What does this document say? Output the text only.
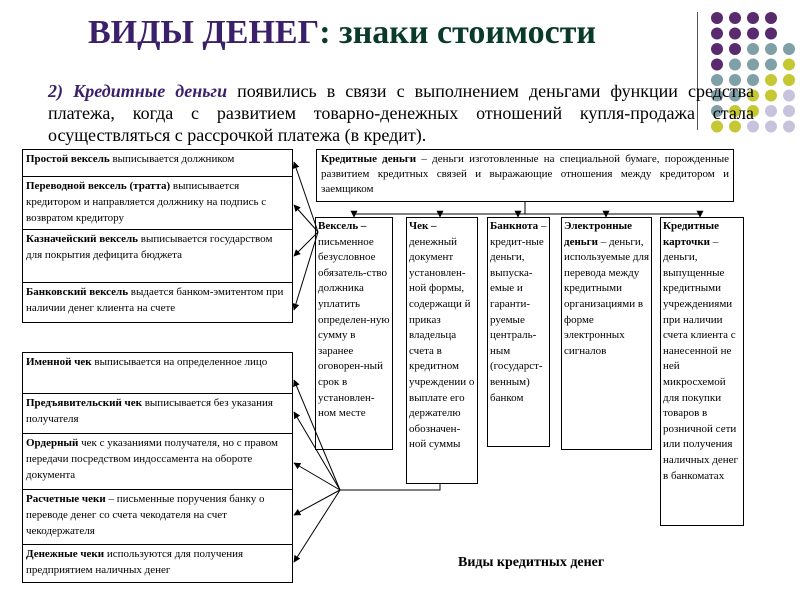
ВИДЫ ДЕНЕГ: знаки стоимости
2) Кредитные деньги появились в связи с выполнением деньгами функции средства платежа, когда с развитием товарно-денежных отношений купля-продажа стала осуществляться с рассрочкой платежа (в кредит).
Кредитные деньги – деньги изготовленные на специальной бумаге, порожденные развитием кредитных связей и выражающие отношения между кредитором и заемщиком
Простой вексель выписывается должником
Переводной вексель (тратта) выписывается кредитором и направляется должнику на подпись с возвратом кредитору
Казначейский вексель выписывается государством для покрытия дефицита бюджета
Банковский вексель выдается банком-эмитентом при наличии денег клиента на счете
Именной чек выписывается на определенное лицо
Предъявительский чек выписывается без указания получателя
Ордерный чек с указаниями получателя, но с правом передачи посредством индоссамента на обороте документа
Расчетные чеки – письменные поручения банку о переводе денег со счета чекодателя на счет чекодержателя
Денежные чеки используются для получения предприятием наличных денег
Вексель – письменное безусловное обязатель-ство должника уплатить определен-ную сумму в заранее оговорен-ный срок в установлен-ном месте
Чек – денежный документ установлен-ной формы, содержащи й приказ владельца счета в кредитном учреждении о выплате его держателю обозначен-ной суммы
Банкнота – кредит-ные деньги, выпуска-емые и гаранти-руемые централь-ным (государст-венным) банком
Электронные деньги – деньги, используемые для перевода между кредитными организациями в форме электронных сигналов
Кредитные карточки – деньги, выпущенные кредитными учреждениями при наличии счета клиента с нанесенной не ней микросхемой для покупки товаров в розничной сети или получения наличных денег в банкоматах
Виды кредитных денег
